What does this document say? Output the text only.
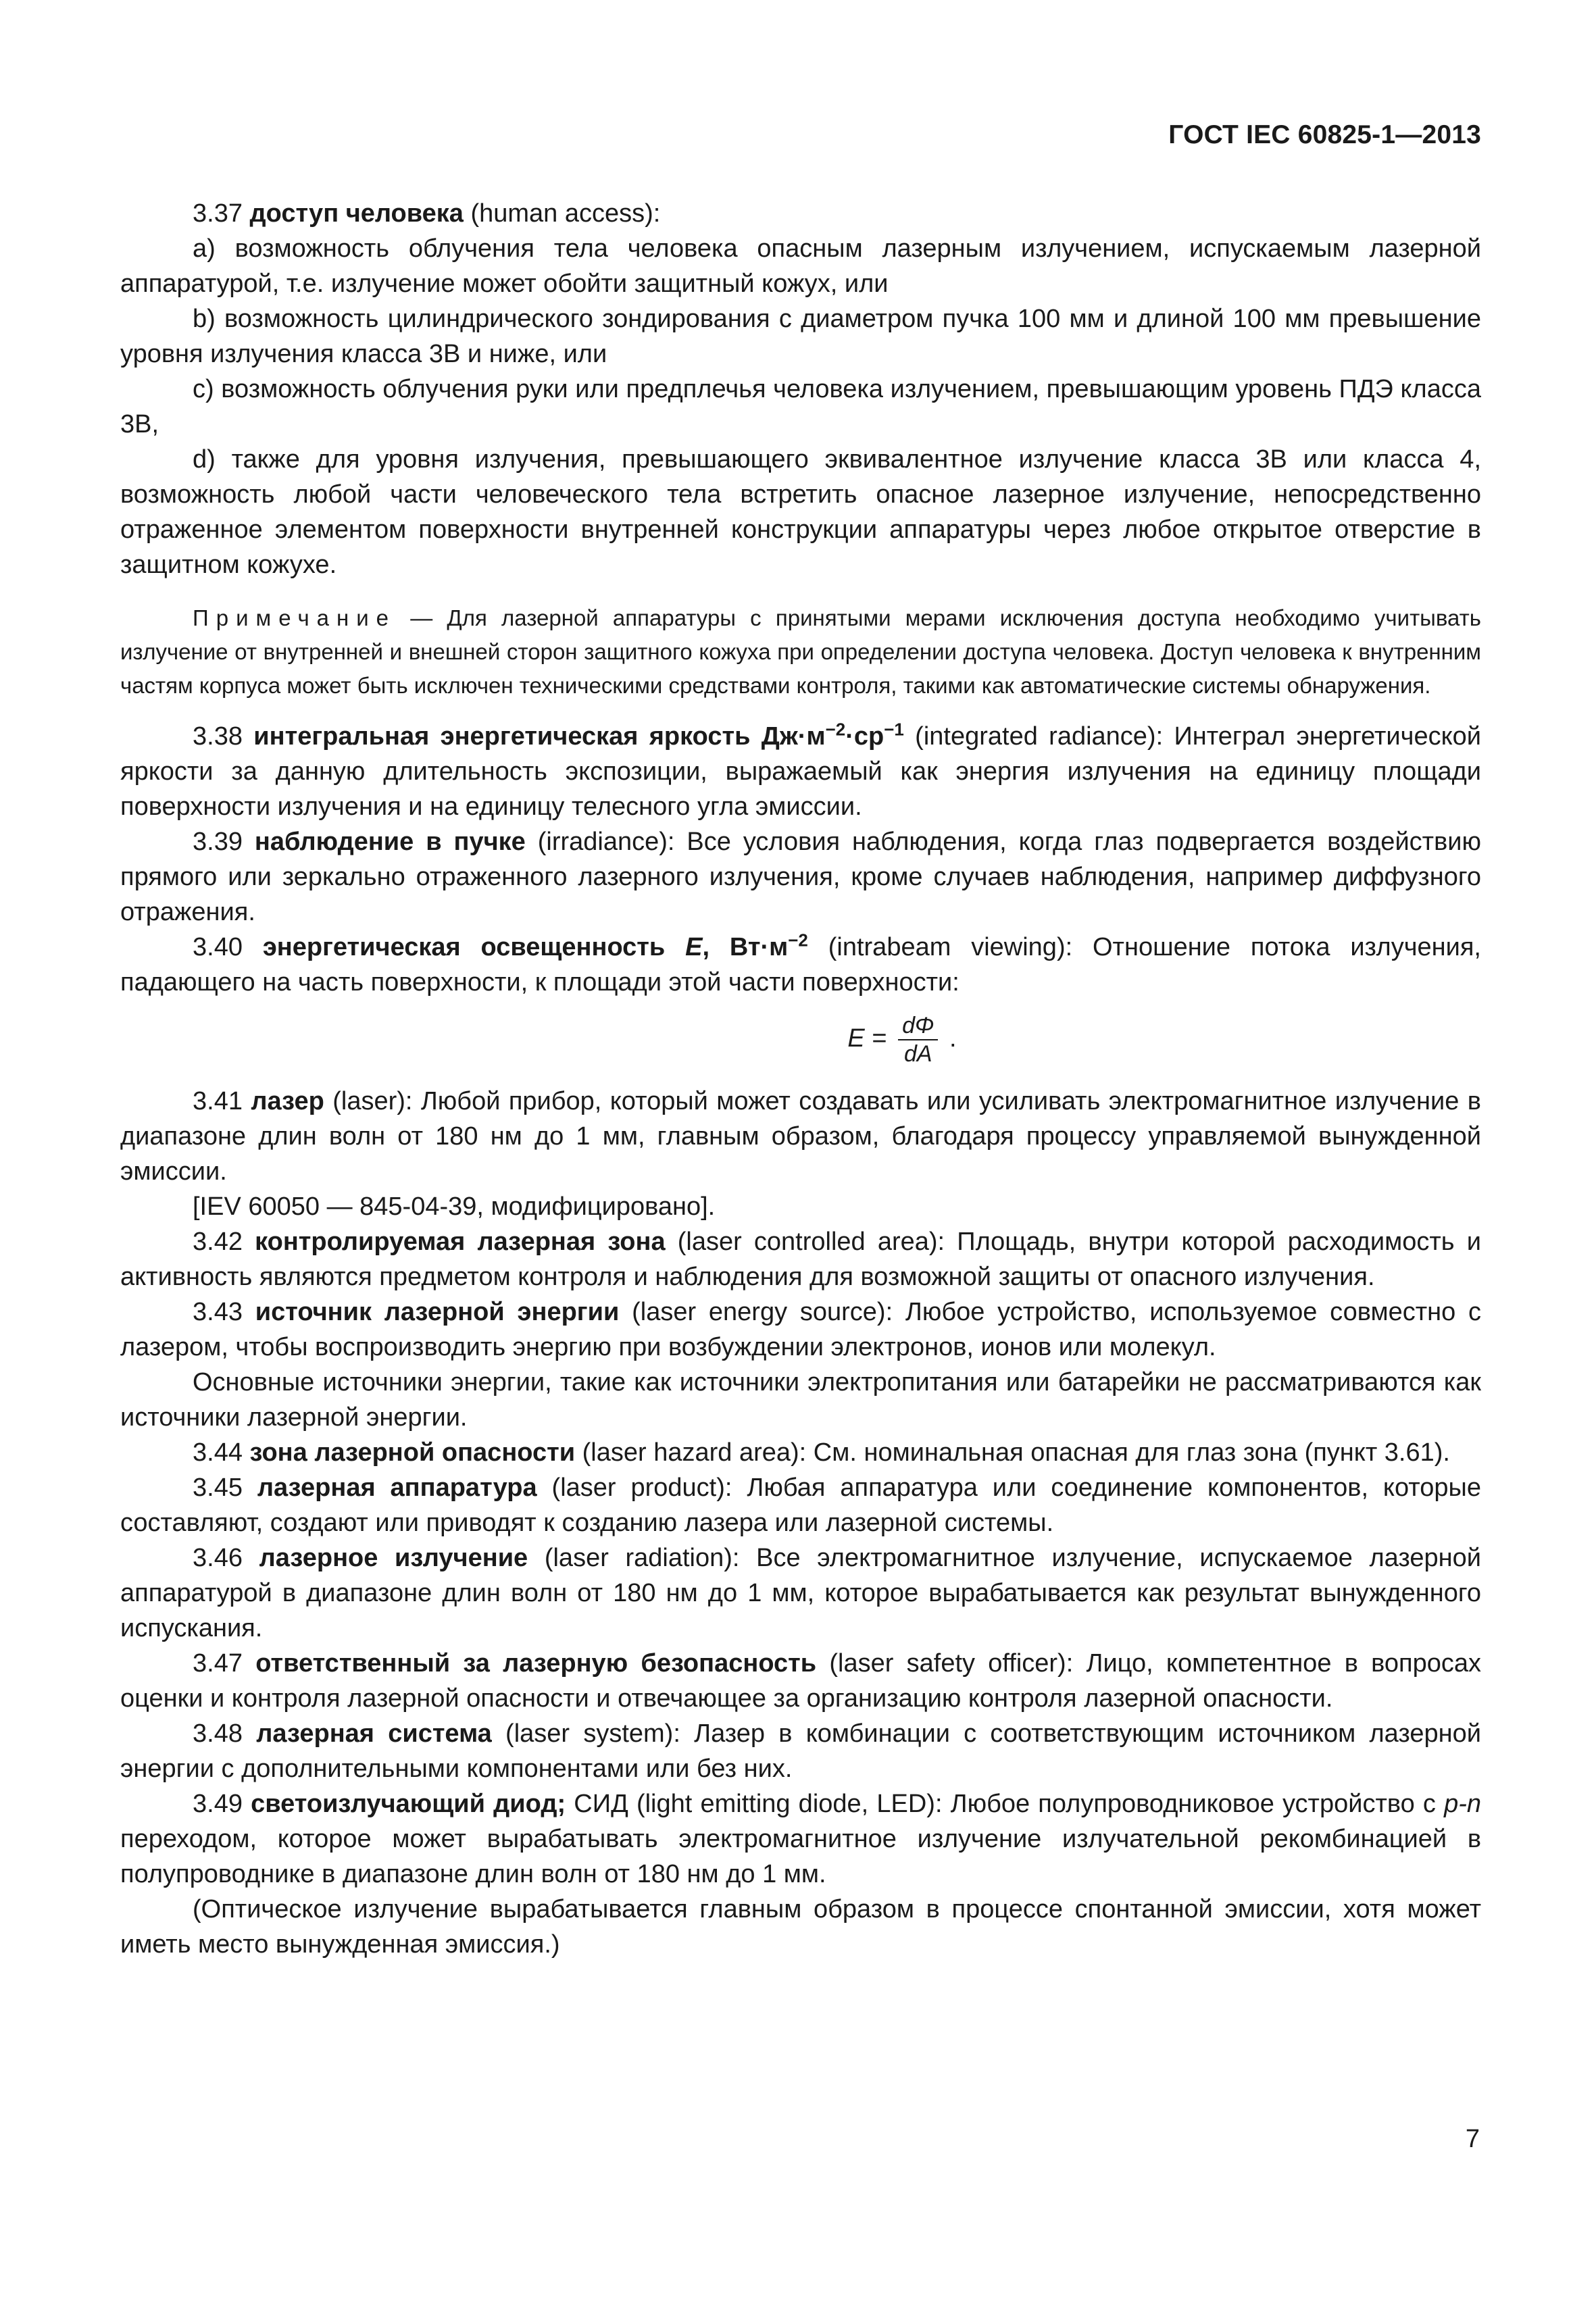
ГОСТ IEC 60825-1—2013

3.37 доступ человека (human access):

a) возможность облучения тела человека опасным лазерным излучением, испускаемым лазерной аппаратурой, т.е. излучение может обойти защитный кожух, или

b) возможность цилиндрического зондирования с диаметром пучка 100 мм и длиной 100 мм превышение уровня излучения класса 3В и ниже, или

c) возможность облучения руки или предплечья человека излучением, превышающим уровень ПДЭ класса 3В,

d) также для уровня излучения, превышающего эквивалентное излучение класса 3В или класса 4, возможность любой части человеческого тела встретить опасное лазерное излучение, непосредственно отраженное элементом поверхности внутренней конструкции аппаратуры через любое открытое отверстие в защитном кожухе.

Примечание — Для лазерной аппаратуры с принятыми мерами исключения доступа необходимо учитывать излучение от внутренней и внешней сторон защитного кожуха при определении доступа человека. Доступ человека к внутренним частям корпуса может быть исключен техническими средствами контроля, такими как автоматические системы обнаружения.

3.38 интегральная энергетическая яркость $Дж\cdot м^{-2}\cdot ср^{-1}$ (integrated radiance): Интеграл энергетической яркости за данную длительность экспозиции, выражаемый как энергия излучения на единицу площади поверхности излучения и на единицу телесного угла эмиссии.

3.39 наблюдение в пучке (irradiance): Все условия наблюдения, когда глаз подвергается воздействию прямого или зеркально отраженного лазерного излучения, кроме случаев наблюдения, например диффузного отражения.

3.40 энергетическая освещенность E, $Вт\cdot м^{-2}$ (intrabeam viewing): Отношение потока излучения, падающего на часть поверхности, к площади этой части поверхности:

$E = \frac{d\Phi}{dA}$ .

3.41 лазер (laser): Любой прибор, который может создавать или усиливать электромагнитное излучение в диапазоне длин волн от 180 нм до 1 мм, главным образом, благодаря процессу управляемой вынужденной эмиссии.

[IEV 60050 — 845-04-39, модифицировано].

3.42 контролируемая лазерная зона (laser controlled area): Площадь, внутри которой расходимость и активность являются предметом контроля и наблюдения для возможной защиты от опасного излучения.

3.43 источник лазерной энергии (laser energy source): Любое устройство, используемое совместно с лазером, чтобы воспроизводить энергию при возбуждении электронов, ионов или молекул.

Основные источники энергии, такие как источники электропитания или батарейки не рассматриваются как источники лазерной энергии.

3.44 зона лазерной опасности (laser hazard area): См. номинальная опасная для глаз зона (пункт 3.61).

3.45 лазерная аппаратура (laser product): Любая аппаратура или соединение компонентов, которые составляют, создают или приводят к созданию лазера или лазерной системы.

3.46 лазерное излучение (laser radiation): Все электромагнитное излучение, испускаемое лазерной аппаратурой в диапазоне длин волн от 180 нм до 1 мм, которое вырабатывается как результат вынужденного испускания.

3.47 ответственный за лазерную безопасность (laser safety officer): Лицо, компетентное в вопросах оценки и контроля лазерной опасности и отвечающее за организацию контроля лазерной опасности.

3.48 лазерная система (laser system): Лазер в комбинации с соответствующим источником лазерной энергии с дополнительными компонентами или без них.

3.49 светоизлучающий диод; СИД (light emitting diode, LED): Любое полупроводниковое устройство с p-n переходом, которое может вырабатывать электромагнитное излучение излучательной рекомбинацией в полупроводнике в диапазоне длин волн от 180 нм до 1 мм.

(Оптическое излучение вырабатывается главным образом в процессе спонтанной эмиссии, хотя может иметь место вынужденная эмиссия.)

7
